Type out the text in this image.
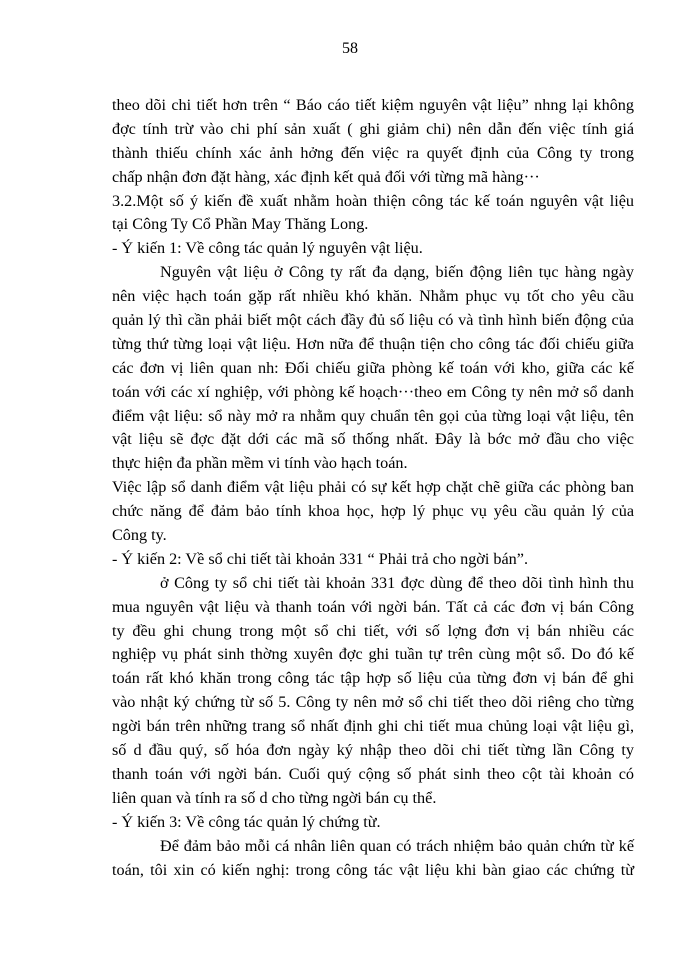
58
theo dõi chi tiết hơn trên “ Báo cáo tiết kiệm nguyên vật liệu” nhng lại không
đợc tính trừ vào chi phí sản xuất ( ghi giảm chi) nên dẫn đến việc tính giá
thành thiếu chính xác ảnh hởng đến việc ra quyết định của Công ty trong
chấp nhận đơn đặt hàng, xác định kết quả đối với từng mã hàng···
3.2.Một số ý kiến đề xuất nhằm hoàn thiện công tác kế toán nguyên vật liệu
tại Công Ty Cổ Phần May Thăng Long.
- Ý kiến 1: Về công tác quản lý nguyên vật liệu.
Nguyên vật liệu ở Công ty rất đa dạng, biến động liên tục hàng ngày
nên việc hạch toán gặp rất nhiều khó khăn. Nhằm phục vụ tốt cho yêu cầu
quản lý thì cần phải biết một cách đầy đủ số liệu có và tình hình biến động của
từng thứ từng loại vật liệu. Hơn nữa để thuận tiện cho công tác đối chiếu giữa
các đơn vị liên quan nh: Đối chiếu giữa phòng kế toán với kho, giữa các kế
toán với các xí nghiệp, với phòng kế hoạch···theo em Công ty nên mở sổ danh
điểm vật liệu: sổ này mở ra nhằm quy chuẩn tên gọi của từng loại vật liệu, tên
vật liệu sẽ đợc đặt dới các mã số thống nhất. Đây là bớc mở đầu cho việc
thực hiện đa phần mềm vi tính vào hạch toán.
Việc lập sổ danh điểm vật liệu phải có sự kết hợp chặt chẽ giữa các phòng ban
chức năng để đảm bảo tính khoa học, hợp lý phục vụ yêu cầu quản lý của
Công ty.
- Ý kiến 2: Về sổ chi tiết tài khoản 331 “ Phải trả cho ngời bán”.
ở Công ty sổ chi tiết tài khoản 331 đợc dùng để theo dõi tình hình thu
mua nguyên vật liệu và thanh toán với ngời bán. Tất cả các đơn vị bán Công
ty đều ghi chung trong một sổ chi tiết, với số lợng đơn vị bán nhiều các
nghiệp vụ phát sinh thờng xuyên đợc ghi tuần tự trên cùng một sổ. Do đó kế
toán rất khó khăn trong công tác tập hợp số liệu của từng đơn vị bán để ghi
vào nhật ký chứng từ số 5. Công ty nên mở sổ chi tiết theo dõi riêng cho từng
ngời bán trên những trang sổ nhất định ghi chi tiết mua chủng loại vật liệu gì,
số d đầu quý, số hóa đơn ngày ký nhập theo dõi chi tiết từng lần Công ty
thanh toán với ngời bán. Cuối quý cộng số phát sinh theo cột tài khoản có
liên quan và tính ra số d cho từng ngời bán cụ thể.
- Ý kiến 3: Về công tác quản lý chứng từ.
Để đảm bảo mỗi cá nhân liên quan có trách nhiệm bảo quản chứn từ kế
toán, tôi xin có kiến nghị: trong công tác vật liệu khi bàn giao các chứng từ
